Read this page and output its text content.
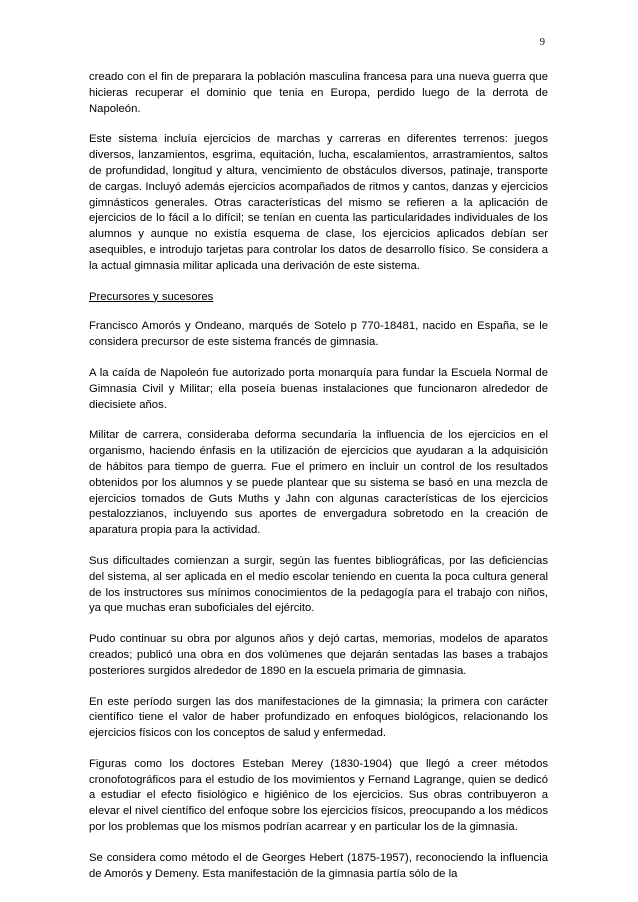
9

creado con el fin de preparara la población masculina francesa para una nueva guerra que hicieras recuperar el dominio que tenia en Europa, perdido luego de la derrota de Napoleón.

Este sistema incluía ejercicios de marchas y carreras en diferentes terrenos: juegos diversos, lanzamientos, esgrima, equitación, lucha, escalamientos, arrastramientos, saltos de profundidad, longitud y altura, vencimiento de obstáculos diversos, patinaje, transporte de cargas. Incluyó además ejercicios acompañados de ritmos y cantos, danzas y ejercicios gimnásticos generales. Otras características del mismo se refieren a la aplicación de ejercicios de lo fácil a lo difícil; se tenían en cuenta las particularidades individuales de los alumnos y aunque no existía esquema de clase, los ejercicios aplicados debían ser asequibles, e introdujo tarjetas para controlar los datos de desarrollo físico. Se considera a la actual gimnasia militar aplicada una derivación de este sistema.

Precursores y sucesores

Francisco Amorós y Ondeano, marqués de Sotelo p 770-18481, nacido en España, se le considera precursor de este sistema francés de gimnasia.

A la caída de Napoleón fue autorizado porta monarquía para fundar la Escuela Normal de Gimnasia Civil y Militar; ella poseía buenas instalaciones que funcionaron alrededor de diecisiete años.

Militar de carrera, consideraba deforma secundaria la influencia de los ejercicios en el organismo, haciendo énfasis en la utilización de ejercicios que ayudaran a la adquisición de hábitos para tiempo de guerra. Fue el primero en incluir un control de los resultados obtenidos por los alumnos y se puede plantear que su sistema se basó en una mezcla de ejercicios tomados de Guts Muths y Jahn con algunas características de los ejercicios pestalozzianos, incluyendo sus aportes de envergadura sobretodo en la creación de aparatura propia para la actividad.

Sus dificultades comienzan a surgir, según las fuentes bibliográficas, por las deficiencias del sistema, al ser aplicada en el medio escolar teniendo en cuenta la poca cultura general de los instructores sus mínimos conocimientos de la pedagogía para el trabajo con niños, ya que muchas eran suboficiales del ejército.

Pudo continuar su obra por algunos años y dejó cartas, memorias, modelos de aparatos creados; publicó una obra en dos volúmenes que dejarán sentadas las bases a trabajos posteriores surgidos alrededor de 1890 en la escuela primaria de gimnasia.

En este período surgen las dos manifestaciones de la gimnasia; la primera con carácter científico tiene el valor de haber profundizado en enfoques biológicos, relacionando los ejercicios físicos con los conceptos de salud y enfermedad.

Figuras como los doctores Esteban Merey (1830-1904) que llegó a creer métodos cronofotográficos para el estudio de los movimientos y Fernand Lagrange, quien se dedicó a estudiar el efecto fisiológico e higiénico de los ejercicios. Sus obras contribuyeron a elevar el nivel científico del enfoque sobre los ejercicios físicos, preocupando a los médicos por los problemas que los mismos podrían acarrear y en particular los de la gimnasia.

Se considera como método el de Georges Hebert (1875-1957), reconociendo la influencia de Amorós y Demeny. Esta manifestación de la gimnasia partía sólo de la
